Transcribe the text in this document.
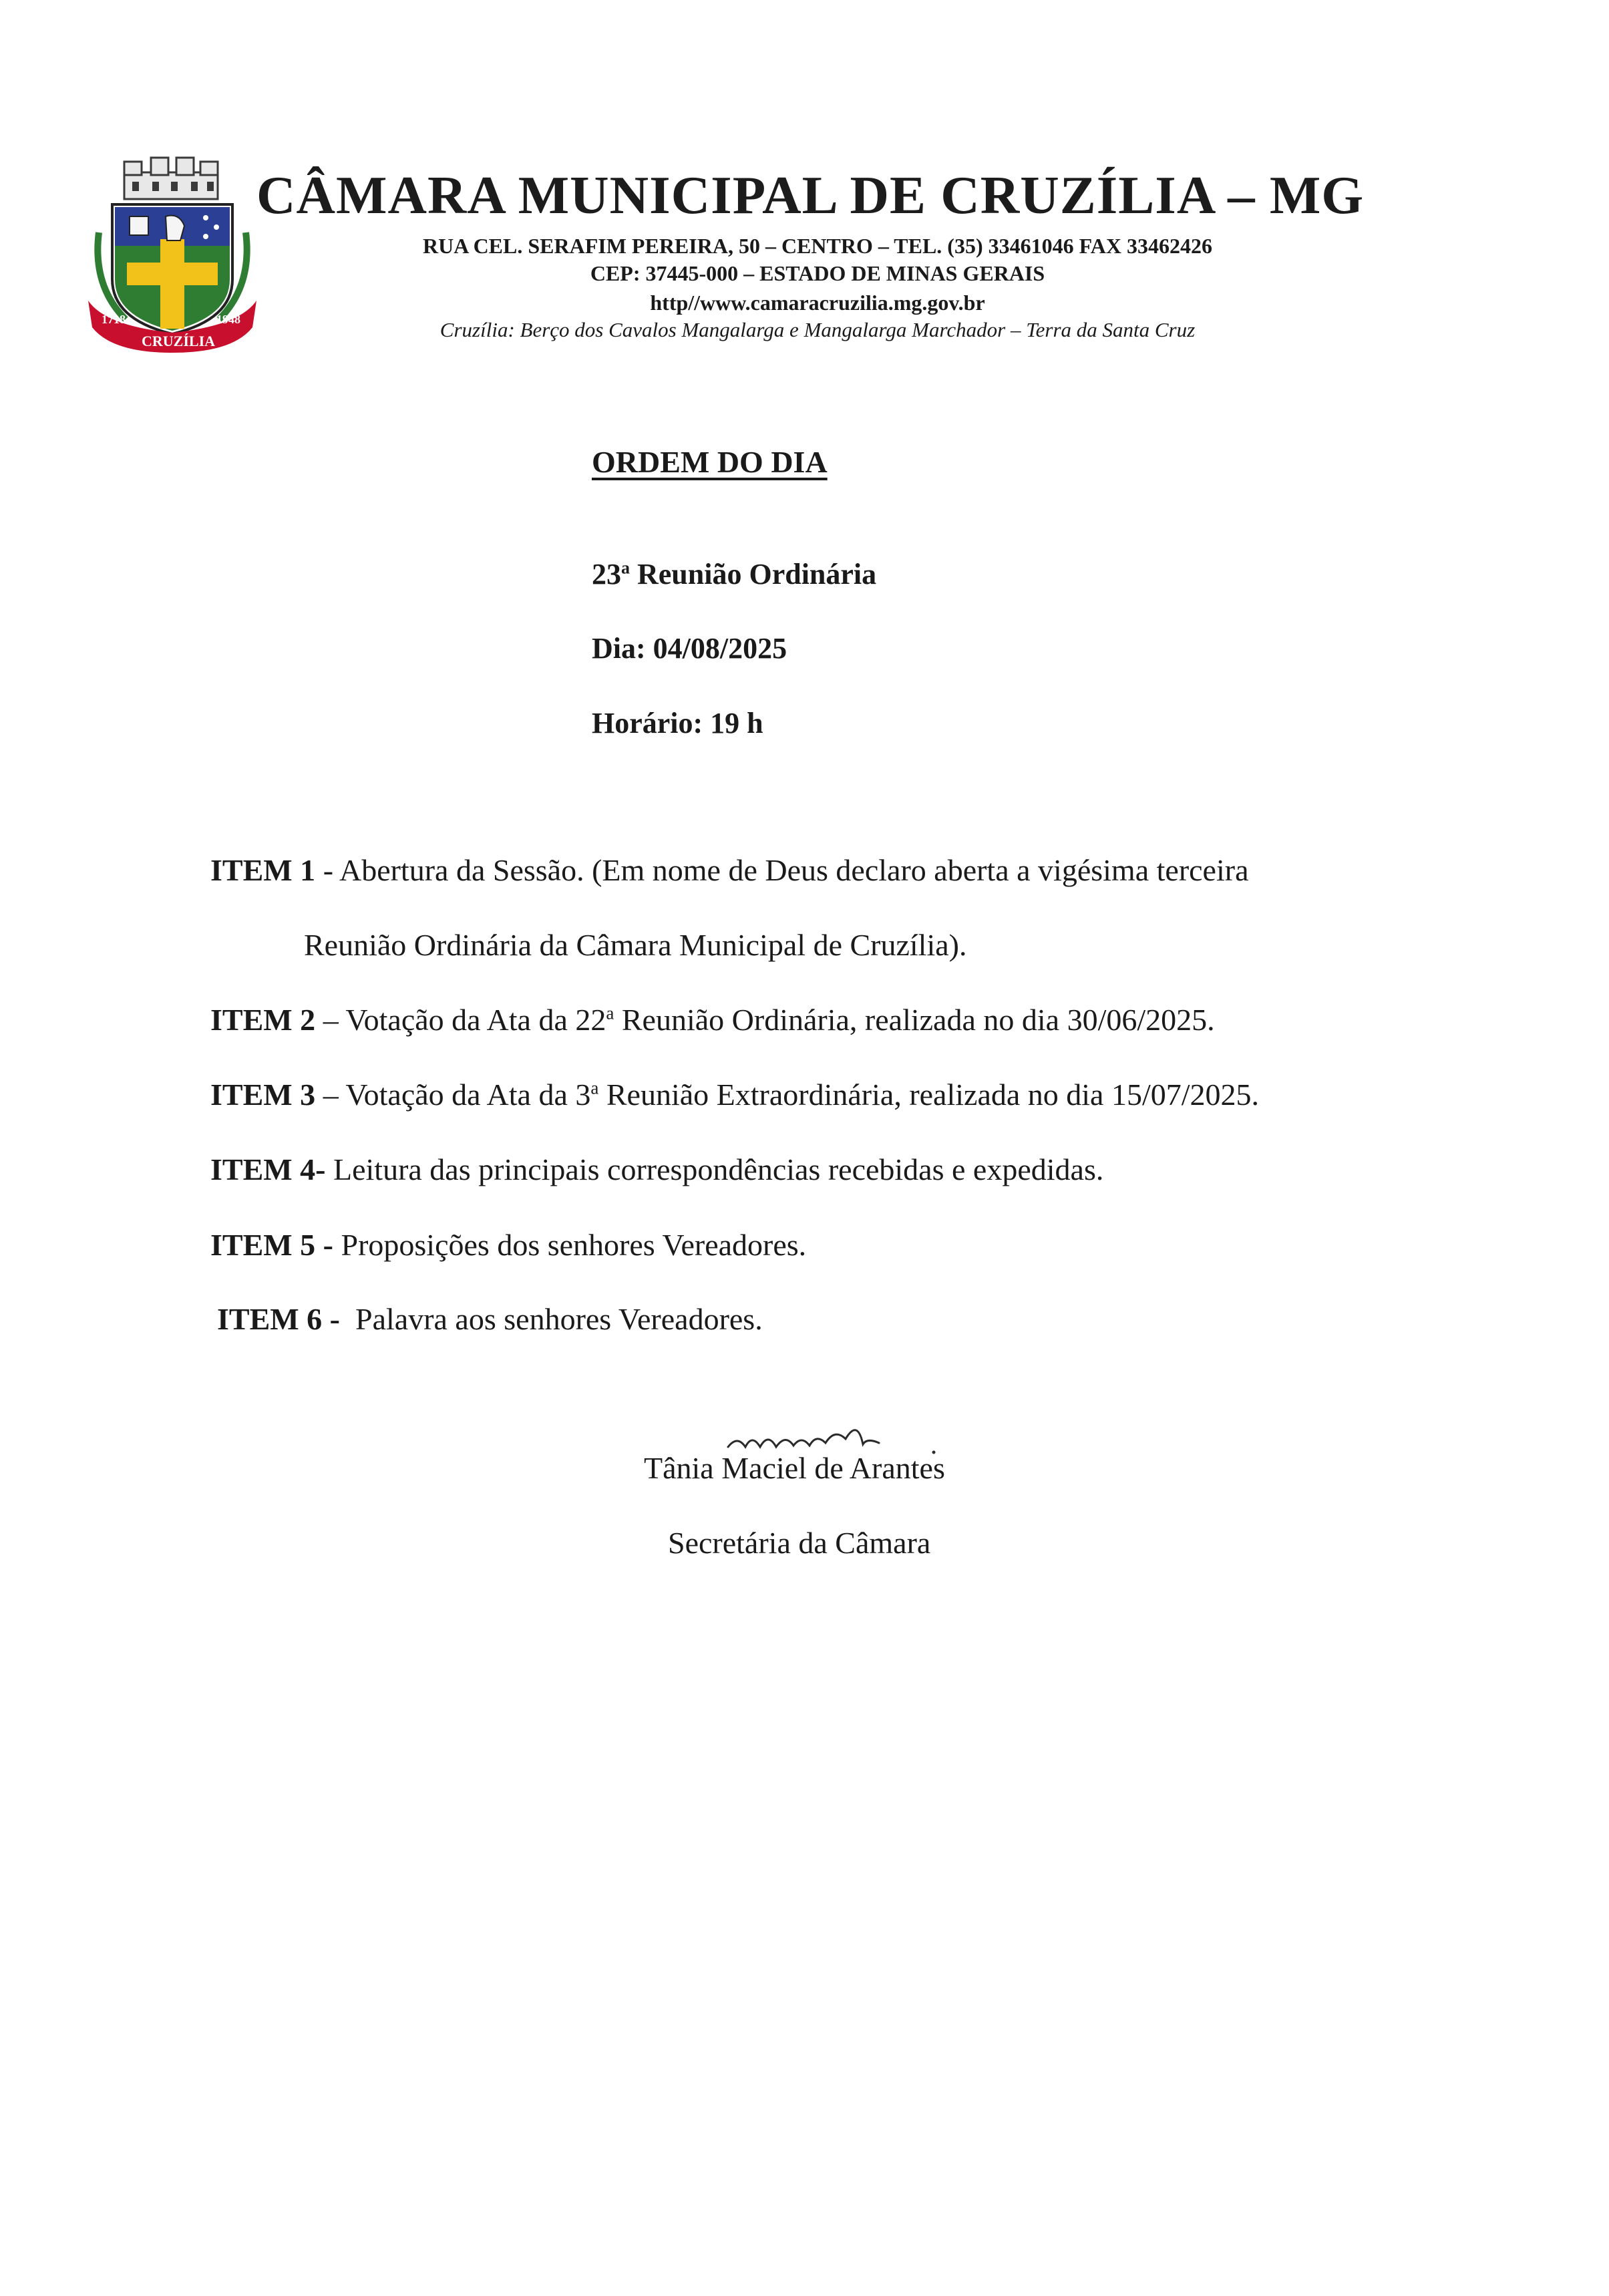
1718	1948
CRUZÍLIA
CÂMARA MUNICIPAL DE CRUZÍLIA – MG

RUA CEL. SERAFIM PEREIRA, 50 – CENTRO – TEL. (35) 33461046 FAX 33462426

CEP: 37445-000 – ESTADO DE MINAS GERAIS

http//www.camaracruzilia.mg.gov.br

Cruzília: Berço dos Cavalos Mangalarga e Mangalarga Marchador – Terra da Santa Cruz

ORDEM DO DIA

23$^a$ Reunião Ordinária

Dia: 04/08/2025

Horário: 19 h

ITEM 1 - Abertura da Sessão. (Em nome de Deus declaro aberta a vigésima terceira
Reunião Ordinária da Câmara Municipal de Cruzília).

ITEM 2 – Votação da Ata da 22$^a$ Reunião Ordinária, realizada no dia 30/06/2025.

ITEM 3 – Votação da Ata da 3$^a$ Reunião Extraordinária, realizada no dia 15/07/2025.

ITEM 4- Leitura das principais correspondências recebidas e expedidas.

ITEM 5 - Proposições dos senhores Vereadores.

ITEM 6 -  Palavra aos senhores Vereadores.

Tânia Maciel de Arantes

Secretária da Câmara
